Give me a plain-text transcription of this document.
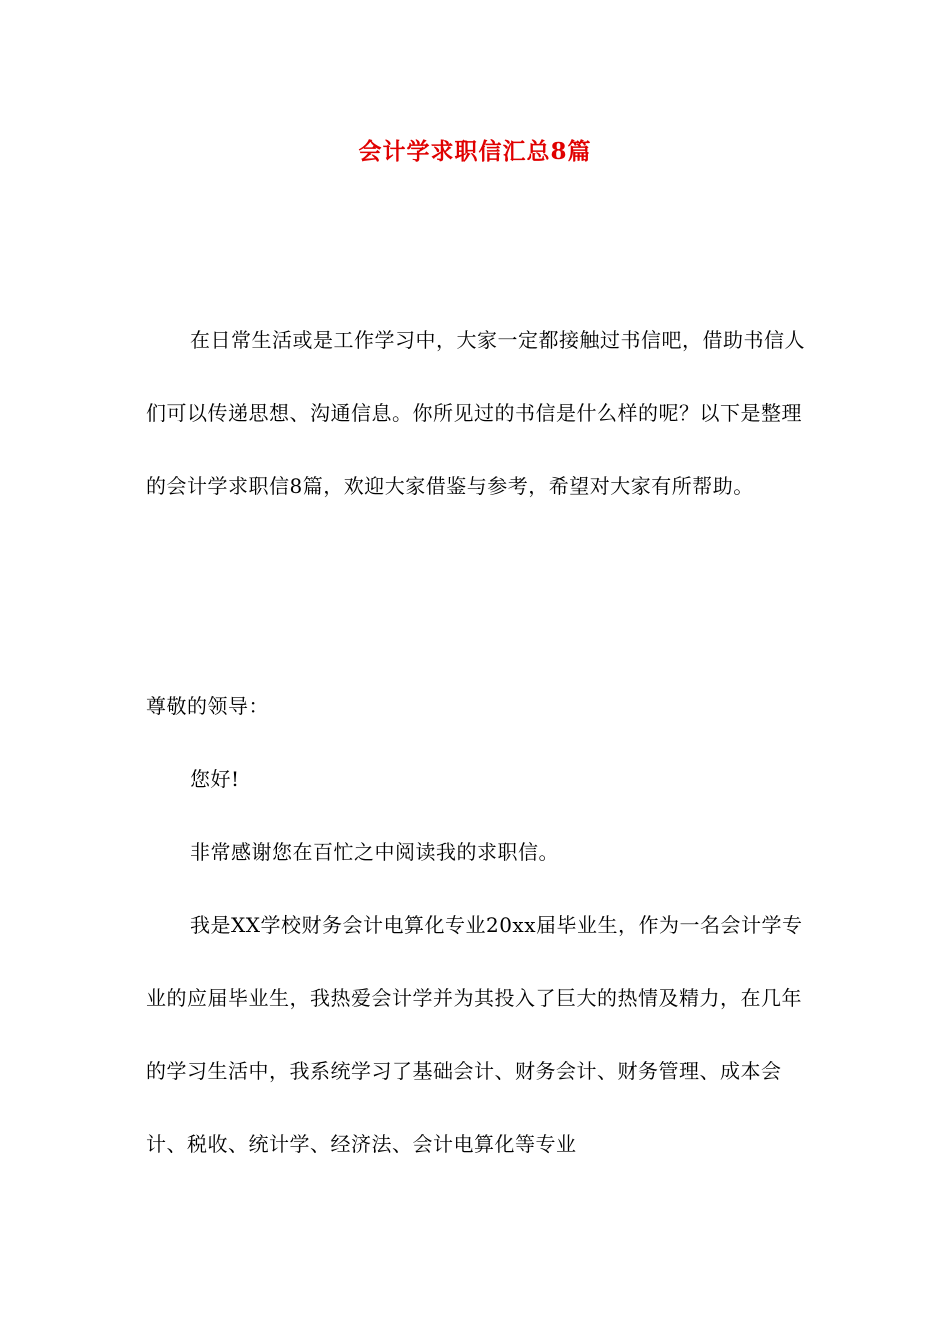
会计学求职信汇总8篇

在日常生活或是工作学习中，大家一定都接触过书信吧，借助书信人们可以传递思想、沟通信息。你所见过的书信是什么样的呢？以下是整理的会计学求职信8篇，欢迎大家借鉴与参考，希望对大家有所帮助。

尊敬的领导：

您好!

非常感谢您在百忙之中阅读我的求职信。

我是XX学校财务会计电算化专业20xx届毕业生，作为一名会计学专业的应届毕业生，我热爱会计学并为其投入了巨大的热情及精力，在几年的学习生活中，我系统学习了基础会计、财务会计、财务管理、成本会计、税收、统计学、经济法、会计电算化等专业
